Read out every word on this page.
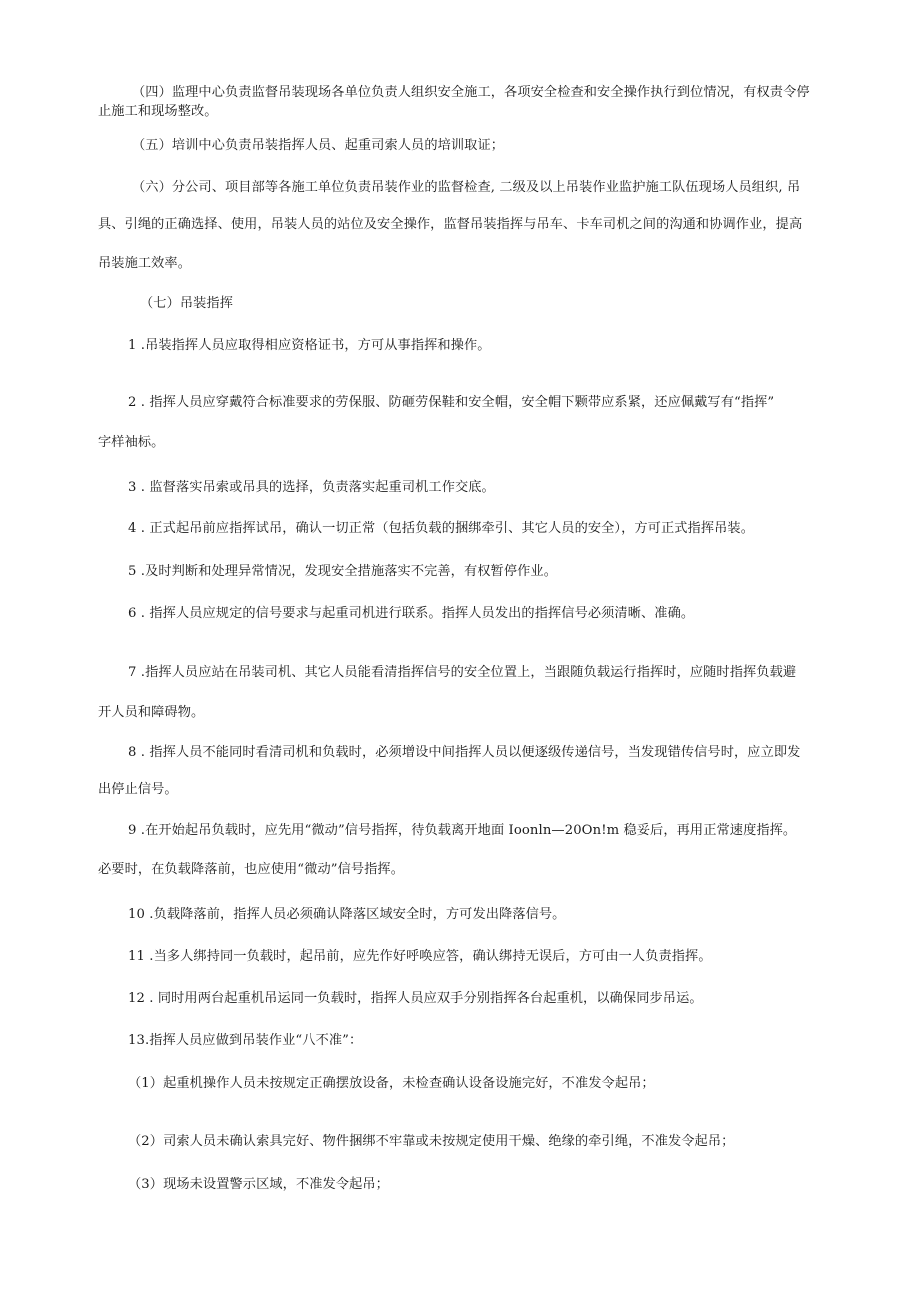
（四）监理中心负责监督吊装现场各单位负责人组织安全施工，各项安全检查和安全操作执行到位情况，有权责令停

止施工和现场整改。

（五）培训中心负责吊装指挥人员、起重司索人员的培训取证；

（六）分公司、项目部等各施工单位负责吊装作业的监督检查, 二级及以上吊装作业监护施工队伍现场人员组织, 吊

具、引绳的正确选择、使用，吊装人员的站位及安全操作，监督吊装指挥与吊车、卡车司机之间的沟通和协调作业，提高

吊装施工效率。

（七）吊装指挥

1 .吊装指挥人员应取得相应资格证书，方可从事指挥和操作。

2 . 指挥人员应穿戴符合标准要求的劳保服、防砸劳保鞋和安全帽，安全帽下颗带应系紧，还应佩戴写有“指挥”

字样袖标。

3 . 监督落实吊索或吊具的选择，负责落实起重司机工作交底。

4 . 正式起吊前应指挥试吊，确认一切正常（包括负载的捆绑牵引、其它人员的安全），方可正式指挥吊装。

5 .及时判断和处理异常情况，发现安全措施落实不完善，有权暂停作业。

6 . 指挥人员应规定的信号要求与起重司机进行联系。指挥人员发出的指挥信号必须清晰、准确。

7 .指挥人员应站在吊装司机、其它人员能看清指挥信号的安全位置上，当跟随负载运行指挥时，应随时指挥负载避

开人员和障碍物。

8 . 指挥人员不能同时看清司机和负载时，必须增设中间指挥人员以便逐级传递信号，当发现错传信号时，应立即发

出停止信号。

9 .在开始起吊负载时，应先用“微动”信号指挥，待负载离开地面 Ioonln—20On!m 稳妥后，再用正常速度指挥。

必要时，在负载降落前，也应使用“微动”信号指挥。

10 .负载降落前，指挥人员必须确认降落区域安全时，方可发出降落信号。

11 .当多人绑持同一负载时，起吊前，应先作好呼唤应答，确认绑持无误后，方可由一人负责指挥。

12 . 同时用两台起重机吊运同一负载时，指挥人员应双手分别指挥各台起重机，以确保同步吊运。

13.指挥人员应做到吊装作业“八不准”：

（1）起重机操作人员未按规定正确摆放设备，未检查确认设备设施完好，不准发令起吊；

（2）司索人员未确认索具完好、物件捆绑不牢靠或未按规定使用干燥、绝缘的牵引绳，不准发令起吊；

（3）现场未设置警示区域，不准发令起吊；
